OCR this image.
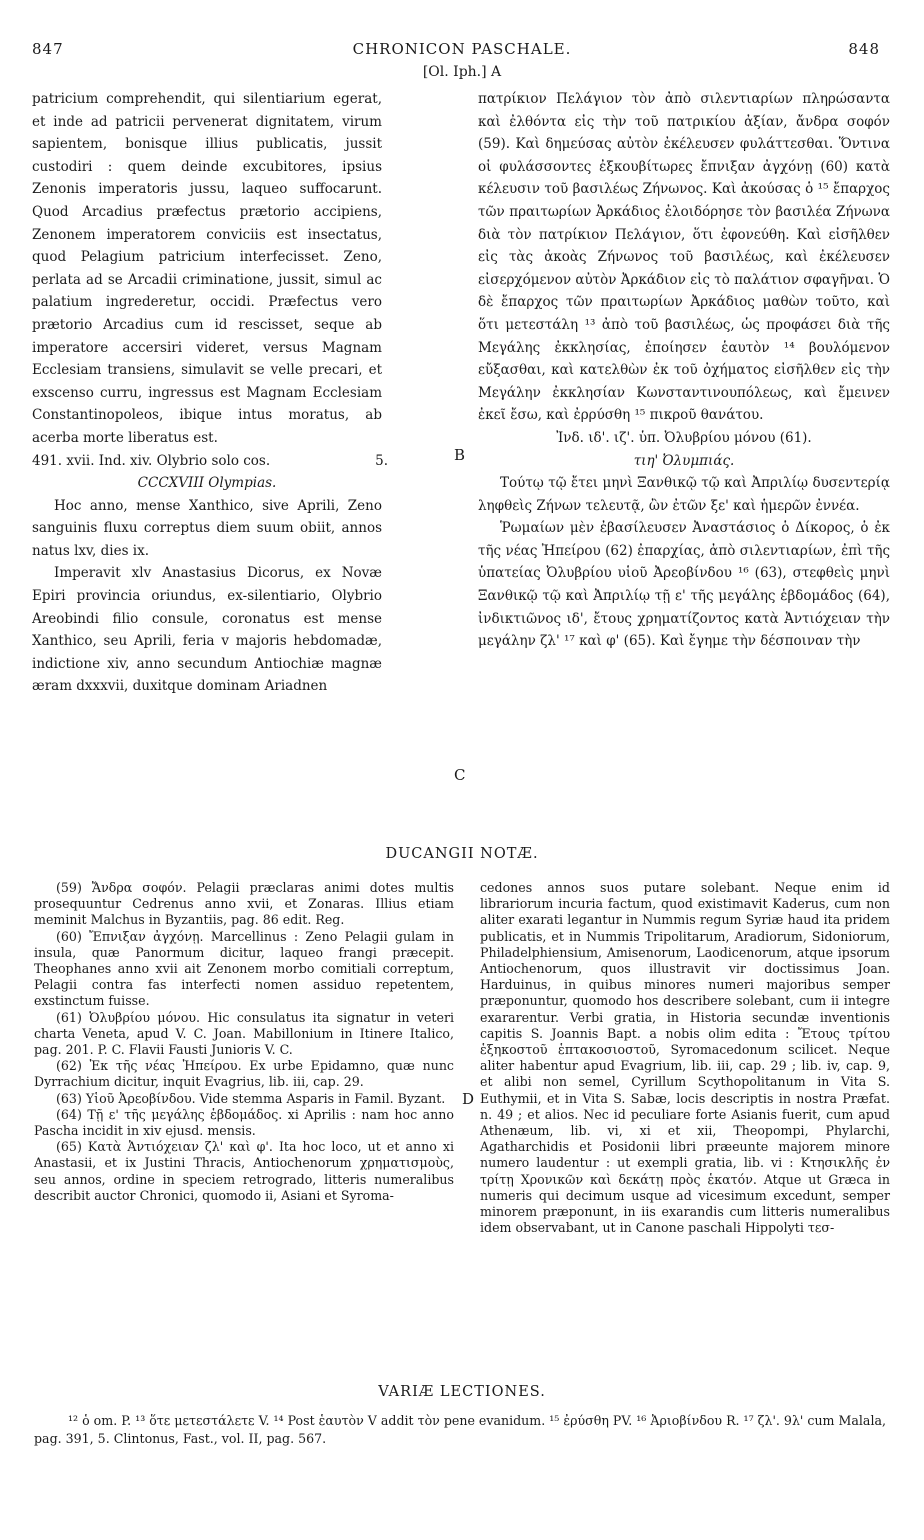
847	CHRONICON PASCHALE.	848
[Ol. Iph.] A

patricium comprehendit, qui silentiarium egerat, et inde ad patricii pervenerat dignitatem, virum sapientem, bonisque illius publicatis, jussit custodiri : quem deinde excubitores, ipsius Zenonis imperatoris jussu, laqueo suffocarunt. Quod Arcadius præfectus prætorio accipiens, Zenonem imperatorem conviciis est insectatus, quod Pelagium patricium interfecisset. Zeno, perlata ad se Arcadii criminatione, jussit, simul ac palatium ingrederetur, occidi. Præfectus vero prætorio Arcadius cum id rescisset, seque ab imperatore accersiri videret, versus Magnam Ecclesiam transiens, simulavit se velle precari, et exscenso curru, ingressus est Magnam Ecclesiam Constantinopoleos, ibique intus moratus, ab acerba morte liberatus est.

491. xvii. Ind. xiv. Olybrio solo cos.	5.

CCCXVIII Olympias.

Hoc anno, mense Xanthico, sive Aprili, Zeno sanguinis fluxu correptus diem suum obiit, annos natus lxv, dies ix.

Imperavit xlv Anastasius Dicorus, ex Novæ Epiri provincia oriundus, ex-silentiario, Olybrio Areobindi filio consule, coronatus est mense Xanthico, seu Aprili, feria v majoris hebdomadæ, indictione xiv, anno secundum Antiochiæ magnæ æram dxxxvii, duxitque dominam Ariadnen

πατρίκιον Πελάγιον τὸν ἀπὸ σιλεντιαρίων πληρώσαντα καὶ ἐλθόντα εἰς τὴν τοῦ πατρικίου ἀξίαν, ἄνδρα σοφόν (59). Καὶ δημεύσας αὐτὸν ἐκέλευσεν φυλάττεσθαι. Ὅντινα οἱ φυλάσσοντες ἐξκουβίτωρες ἔπνιξαν ἀγχόνῃ (60) κατὰ κέλευσιν τοῦ βασιλέως Ζήνωνος. Καὶ ἀκούσας ὁ ¹⁵ ἔπαρχος τῶν πραιτωρίων Ἀρκάδιος ἐλοιδόρησε τὸν βασιλέα Ζήνωνα διὰ τὸν πατρίκιον Πελάγιον, ὅτι ἐφονεύθη. Καὶ εἰσῆλθεν εἰς τὰς ἀκοὰς Ζήνωνος τοῦ βασιλέως, καὶ ἐκέλευσεν εἰσερχόμενον αὐτὸν Ἀρκάδιον εἰς τὸ παλάτιον σφαγῆναι. Ὁ δὲ ἔπαρχος τῶν πραιτωρίων Ἀρκάδιος μαθὼν τοῦτο, καὶ ὅτι μετεστάλη ¹³ ἀπὸ τοῦ βασιλέως, ὡς προφάσει διὰ τῆς Μεγάλης ἐκκλησίας, ἐποίησεν ἑαυτὸν ¹⁴ βουλόμενον εὔξασθαι, καὶ κατελθὼν ἐκ τοῦ ὀχήματος εἰσῆλθεν εἰς τὴν Μεγάλην ἐκκλησίαν Κωνσταντινουπόλεως, καὶ ἔμεινεν ἐκεῖ ἔσω, καὶ ἐρρύσθη ¹⁵ πικροῦ θανάτου.

Ἰνδ. ιδ'. ιζ'. ὑπ. Ὀλυβρίου μόνου (61).

τιη' Ὀλυμπιάς.

Τούτῳ τῷ ἔτει μηνὶ Ξανθικῷ τῷ καὶ Ἀπριλίῳ δυσεντερίᾳ ληφθεὶς Ζήνων τελευτᾷ, ὢν ἐτῶν ξε' καὶ ἡμερῶν ἐννέα.

Ῥωμαίων μὲν ἐβασίλευσεν Ἀναστάσιος ὁ Δίκορος, ὁ ἐκ τῆς νέας Ἠπείρου (62) ἐπαρχίας, ἀπὸ σιλεντιαρίων, ἐπὶ τῆς ὑπατείας Ὀλυβρίου υἱοῦ Ἀρεοβίνδου ¹⁶ (63), στεφθεὶς μηνὶ Ξανθικῷ τῷ καὶ Ἀπριλίῳ τῇ ε' τῆς μεγάλης ἑβδομάδος (64), ἰνδικτιῶνος ιδ', ἔτους χρηματίζοντος κατὰ Ἀντιόχειαν τὴν μεγάλην ζλ' ¹⁷ καὶ φ' (65). Καὶ ἔγημε τὴν δέσποιναν τὴν

B
C
D
DUCANGII NOTÆ.

(59) Ἄνδρα σοφόν. Pelagii præclaras animi dotes multis prosequuntur Cedrenus anno xvii, et Zonaras. Illius etiam meminit Malchus in Byzantiis, pag. 86 edit. Reg.

(60) Ἔπνιξαν ἀγχόνῃ. Marcellinus : Zeno Pelagii gulam in insula, quæ Panormum dicitur, laqueo frangi præcepit. Theophanes anno xvii ait Zenonem morbo comitiali correptum, Pelagii contra fas interfecti nomen assiduo repetentem, exstinctum fuisse.

(61) Ὀλυβρίου μόνου. Hic consulatus ita signatur in veteri charta Veneta, apud V. C. Joan. Mabillonium in Itinere Italico, pag. 201. P. C. Flavii Fausti Junioris V. C.

(62) Ἐκ τῆς νέας Ἠπείρου. Ex urbe Epidamno, quæ nunc Dyrrachium dicitur, inquit Evagrius, lib. iii, cap. 29.

(63) Υἱοῦ Ἀρεοβίνδου. Vide stemma Asparis in Famil. Byzant.

(64) Τῇ ε' τῆς μεγάλης ἑβδομάδος. xi Aprilis : nam hoc anno Pascha incidit in xiv ejusd. mensis.

(65) Κατὰ Ἀντιόχειαν ζλ' καὶ φ'. Ita hoc loco, ut et anno xi Anastasii, et ix Justini Thracis, Antiochenorum χρηματισμοὺς, seu annos, ordine in speciem retrogrado, litteris numeralibus describit auctor Chronici, quomodo ii, Asiani et Syroma-

cedones annos suos putare solebant. Neque enim id librariorum incuria factum, quod existimavit Kaderus, cum non aliter exarati legantur in Nummis regum Syriæ haud ita pridem publicatis, et in Nummis Tripolitarum, Aradiorum, Sidoniorum, Philadelphiensium, Amisenorum, Laodicenorum, atque ipsorum Antiochenorum, quos illustravit vir doctissimus Joan. Harduinus, in quibus minores numeri majoribus semper præponuntur, quomodo hos describere solebant, cum ii integre exararentur. Verbi gratia, in Historia secundæ inventionis capitis S. Joannis Bapt. a nobis olim edita : Ἔτους τρίτου ἑξηκοστοῦ ἑπτακοσιοστοῦ, Syromacedonum scilicet. Neque aliter habentur apud Evagrium, lib. iii, cap. 29 ; lib. iv, cap. 9, et alibi non semel, Cyrillum Scythopolitanum in Vita S. Euthymii, et in Vita S. Sabæ, locis descriptis in nostra Præfat. n. 49 ; et alios. Nec id peculiare forte Asianis fuerit, cum apud Athenæum, lib. vi, xi et xii, Theopompi, Phylarchi, Agatharchidis et Posidonii libri præeunte majorem minore numero laudentur : ut exempli gratia, lib. vi : Κτησικλῆς ἐν τρίτῃ Χρονικῶν καὶ δεκάτῃ πρὸς ἑκατόν. Atque ut Græca in numeris qui decimum usque ad vicesimum excedunt, semper minorem præponunt, in iis exarandis cum litteris numeralibus idem observabant, ut in Canone paschali Hippolyti τεσ-

VARIÆ LECTIONES.
¹² ὁ om. P. ¹³ ὅτε μετεστάλετε V. ¹⁴ Post ἑαυτὸν V addit τὸν pene evanidum. ¹⁵ ἐρύσθη PV. ¹⁶ Ἀριοβίνδου R. ¹⁷ ζλ'. 9λ' cum Malala, pag. 391, 5. Clintonus, Fast., vol. II, pag. 567.
